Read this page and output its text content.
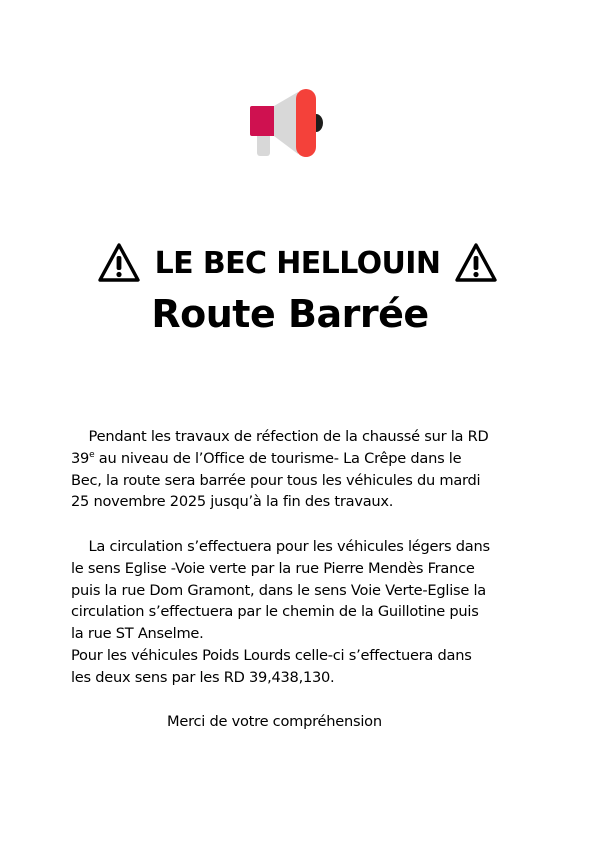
LE BEC HELLOUIN
Route Barrée
Pendant les travaux de réfection de la chaussé sur la RD
39e au niveau de l’Office de tourisme- La Crêpe dans le
Bec, la route sera barrée pour tous les véhicules du mardi
25 novembre 2025 jusqu’à la fin des travaux.
La circulation s’effectuera pour les véhicules légers dans
le sens Eglise -Voie verte par la rue Pierre Mendès France
puis la rue Dom Gramont, dans le sens Voie Verte-Eglise la
circulation s’effectuera par le chemin de la Guillotine puis
la rue ST Anselme.
Pour les véhicules Poids Lourds celle-ci s’effectuera dans
les deux sens par les RD 39,438,130.
Merci de votre compréhension
